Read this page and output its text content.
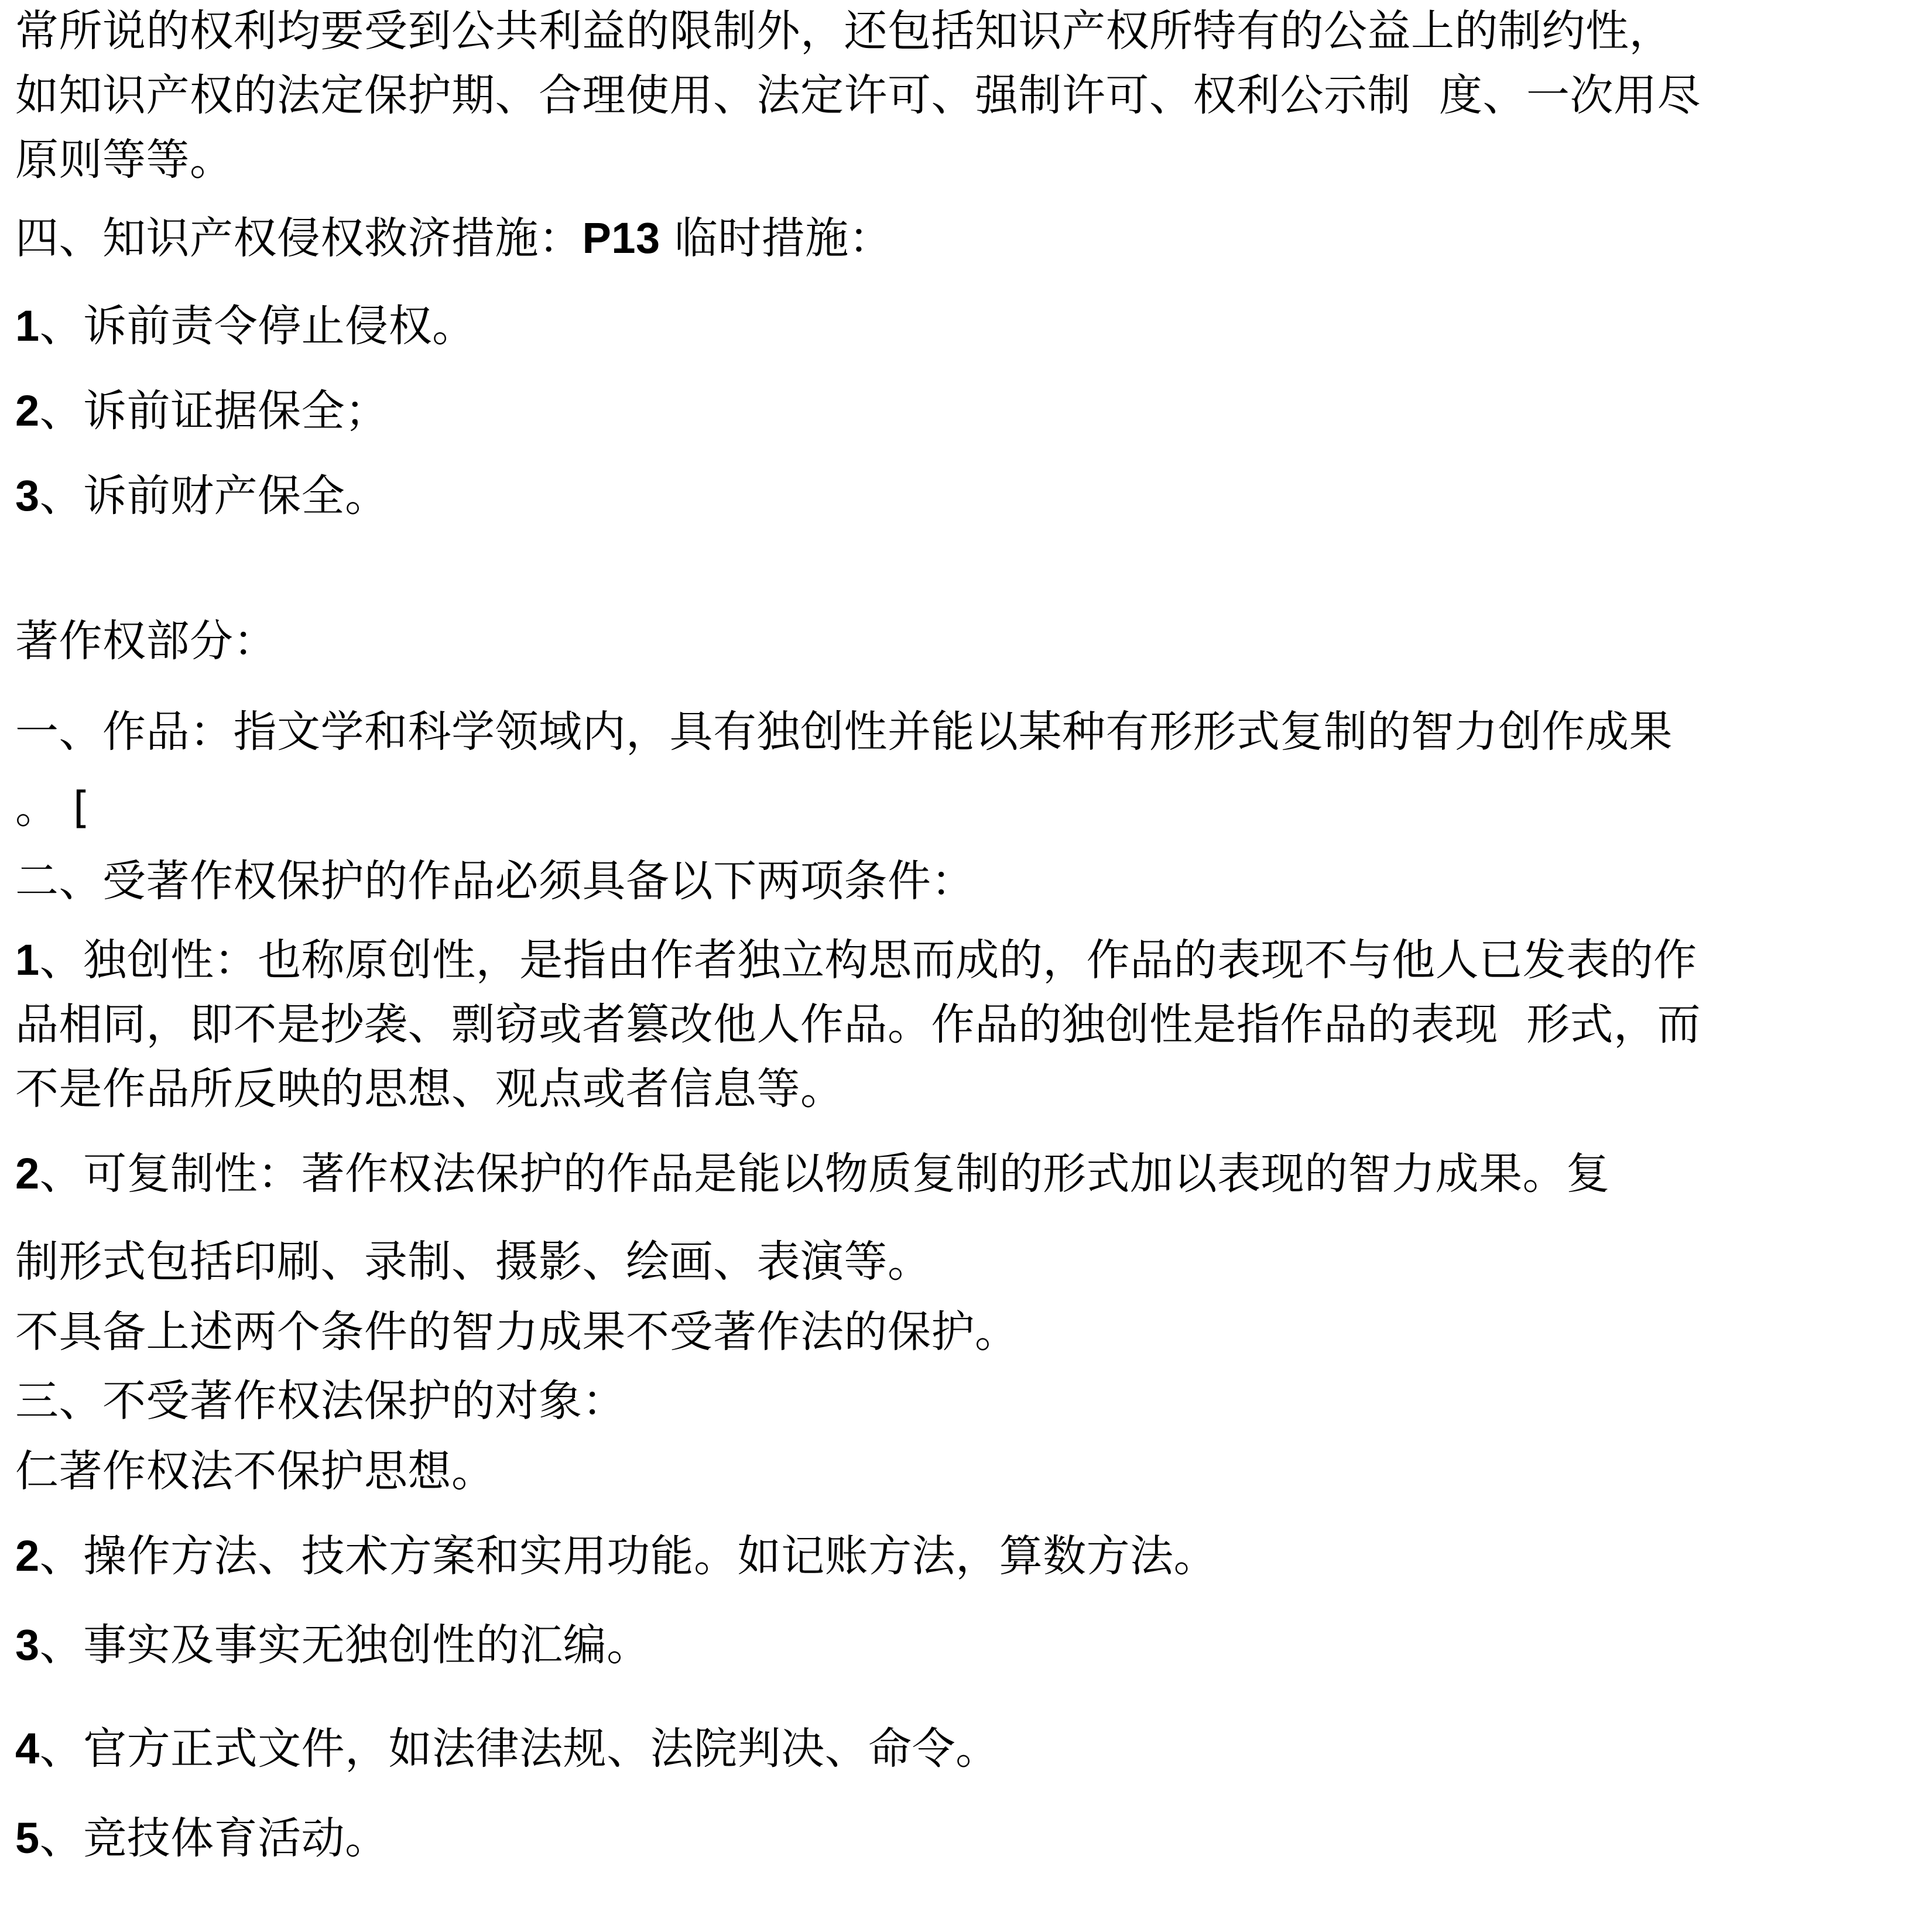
常所说的权利均要受到公共利益的限制外，还包括知识产权所特有的公益上的制约性，

如知识产权的法定保护期、合理使用、法定许可、强制许可、权利公示制  度、一次用尽

原则等等。

四、知识产权侵权救济措施：P13 临时措施：

1、诉前责令停止侵权。

2、诉前证据保全；

3、诉前财产保全。

著作权部分：

一、作品：指文学和科学领域内，具有独创性并能以某种有形形式复制的智力创作成果

。 [

二、受著作权保护的作品必须具备以下两项条件：

1、独创性：也称原创性，是指由作者独立构思而成的，作品的表现不与他人已发表的作

品相同，即不是抄袭、剽窃或者篡改他人作品。作品的独创性是指作品的表现  形式，而

不是作品所反映的思想、观点或者信息等。

2、可复制性：著作权法保护的作品是能以物质复制的形式加以表现的智力成果。复

制形式包括印刷、录制、摄影、绘画、表演等。

不具备上述两个条件的智力成果不受著作法的保护。

三、不受著作权法保护的对象：

仁著作权法不保护思想。

2、操作方法、技术方案和实用功能。如记账方法，算数方法。

3、事实及事实无独创性的汇编。

4、官方正式文件，如法律法规、法院判决、命令。

5、竞技体育活动。
